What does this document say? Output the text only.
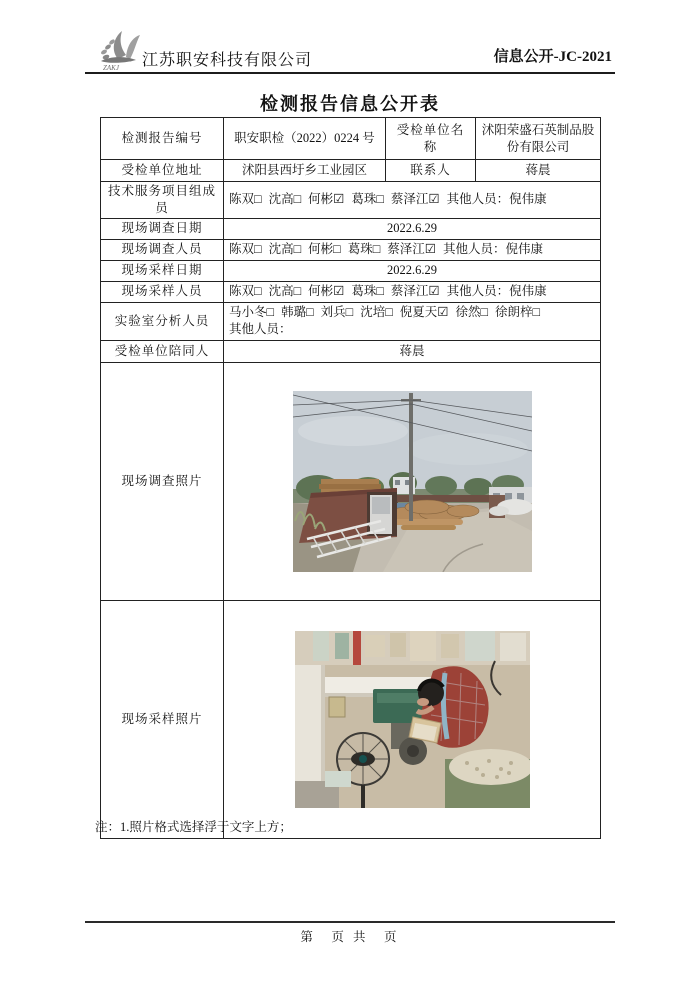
ZAKJ 江苏职安科技有限公司	信息公开-JC-2021
检测报告信息公开表
检测报告编号	职安职检（2022）0224 号	受检单位名称	沭阳荣盛石英制品股份有限公司
受检单位地址	沭阳县西圩乡工业园区	联系人	蒋晨
技术服务项目组成员	陈双□ 沈高□ 何彬☑ 葛珠□ 蔡泽江☑ 其他人员：倪伟康		
现场调查日期	2022.6.29		
现场调查人员	陈双□ 沈高□ 何彬□ 葛珠□ 蔡泽江☑ 其他人员：倪伟康		
现场采样日期	2022.6.29		
现场采样人员	陈双□ 沈高□ 何彬☑ 葛珠□ 蔡泽江☑ 其他人员：倪伟康		
实验室分析人员	马小冬□ 韩璐□ 刘兵□ 沈培□ 倪夏天☑ 徐然□ 徐朗梓□
其他人员：		

受检单位陪同人	蒋晨		
现场调查照片	
现场采样照片	
注：1.照片格式选择浮于文字上方；
第　页 共　页
